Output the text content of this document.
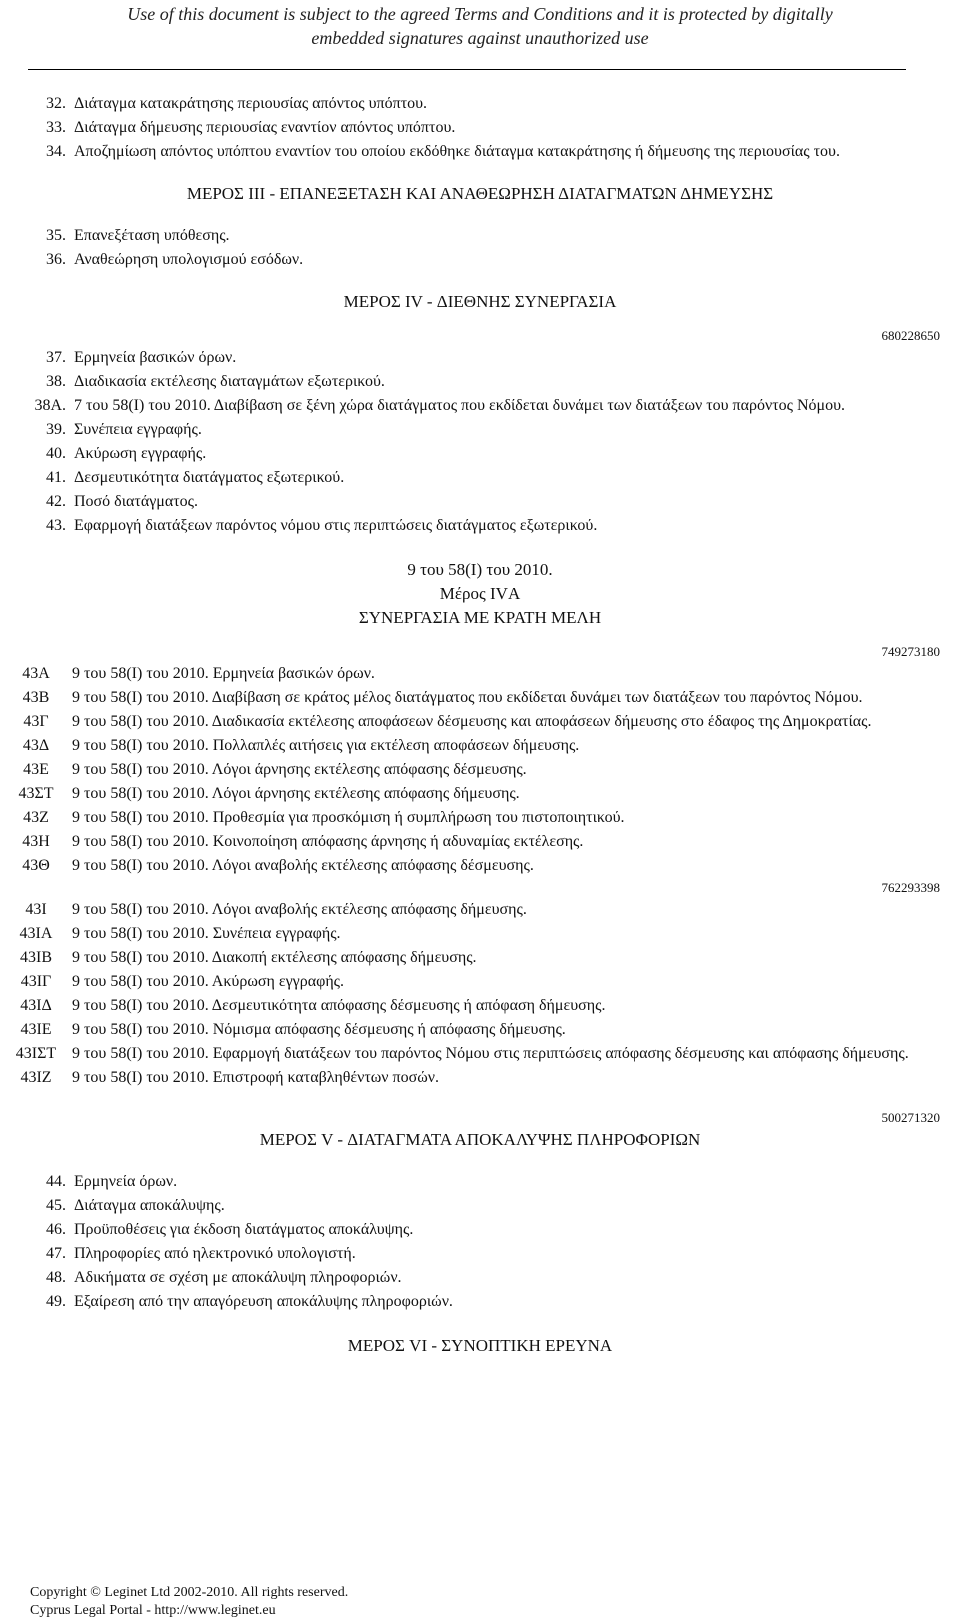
Use of this document is subject to the agreed Terms and Conditions and it is protected by digitally
embedded signatures against unauthorized use
32. Διάταγμα κατακράτησης περιουσίας απόντος υπόπτου.
33. Διάταγμα δήμευσης περιουσίας εναντίον απόντος υπόπτου.
34. Αποζημίωση απόντος υπόπτου εναντίον του οποίου εκδόθηκε διάταγμα κατακράτησης ή δήμευσης της περιουσίας του.
ΜΕΡΟΣ ΙΙΙ - ΕΠΑΝΕΞΕΤΑΣΗ ΚΑΙ ΑΝΑΘΕΩΡΗΣΗ ΔΙΑΤΑΓΜΑΤΩΝ ΔΗΜΕΥΣΗΣ
35. Επανεξέταση υπόθεσης.
36. Αναθεώρηση υπολογισμού εσόδων.
ΜΕΡΟΣ IV - ΔΙΕΘΝΗΣ ΣΥΝΕΡΓΑΣΙΑ
680228650
37. Ερμηνεία βασικών όρων.
38. Διαδικασία εκτέλεσης διαταγμάτων εξωτερικού.
38Α. 7 του 58(Ι) του 2010. Διαβίβαση σε ξένη χώρα διατάγματος που εκδίδεται δυνάμει των διατάξεων του παρόντος Νόμου.
39. Συνέπεια εγγραφής.
40. Ακύρωση εγγραφής.
41. Δεσμευτικότητα διατάγματος εξωτερικού.
42. Ποσό διατάγματος.
43. Εφαρμογή διατάξεων παρόντος νόμου στις περιπτώσεις διατάγματος εξωτερικού.
9 του 58(Ι) του 2010.
Μέρος IVΑ
ΣΥΝΕΡΓΑΣΙΑ ΜΕ ΚΡΑΤΗ ΜΕΛΗ
749273180
43Α	9 του 58(Ι) του 2010. Ερμηνεία βασικών όρων.
43Β	9 του 58(Ι) του 2010. Διαβίβαση σε κράτος μέλος διατάγματος που εκδίδεται δυνάμει των διατάξεων του παρόντος Νόμου.
43Γ	9 του 58(Ι) του 2010. Διαδικασία εκτέλεσης αποφάσεων δέσμευσης και αποφάσεων δήμευσης στο έδαφος της Δημοκρατίας.
43Δ	9 του 58(Ι) του 2010. Πολλαπλές αιτήσεις για εκτέλεση αποφάσεων δήμευσης.
43Ε	9 του 58(Ι) του 2010. Λόγοι άρνησης εκτέλεσης απόφασης δέσμευσης.
43ΣΤ	9 του 58(Ι) του 2010. Λόγοι άρνησης εκτέλεσης απόφασης δήμευσης.
43Ζ	9 του 58(Ι) του 2010. Προθεσμία για προσκόμιση ή συμπλήρωση του πιστοποιητικού.
43Η	9 του 58(Ι) του 2010. Κοινοποίηση απόφασης άρνησης ή αδυναμίας εκτέλεσης.
43Θ	9 του 58(Ι) του 2010. Λόγοι αναβολής εκτέλεσης απόφασης δέσμευσης.
762293398
43Ι	9 του 58(Ι) του 2010. Λόγοι αναβολής εκτέλεσης απόφασης δήμευσης.
43ΙΑ	9 του 58(Ι) του 2010. Συνέπεια εγγραφής.
43ΙΒ	9 του 58(Ι) του 2010. Διακοπή εκτέλεσης απόφασης δήμευσης.
43ΙΓ	9 του 58(Ι) του 2010. Ακύρωση εγγραφής.
43ΙΔ	9 του 58(Ι) του 2010. Δεσμευτικότητα απόφασης δέσμευσης ή απόφαση δήμευσης.
43ΙΕ	9 του 58(Ι) του 2010. Νόμισμα απόφασης δέσμευσης ή απόφασης δήμευσης.
43ΙΣΤ 9 του 58(Ι) του 2010. Εφαρμογή διατάξεων του παρόντος Νόμου στις περιπτώσεις απόφασης δέσμευσης και απόφασης δήμευσης.
43ΙΖ	9 του 58(Ι) του 2010. Επιστροφή καταβληθέντων ποσών.
500271320
ΜΕΡΟΣ V - ΔΙΑΤΑΓΜΑΤΑ ΑΠΟΚΑΛΥΨΗΣ ΠΛΗΡΟΦΟΡΙΩΝ
44. Ερμηνεία όρων.
45. Διάταγμα αποκάλυψης.
46. Προϋποθέσεις για έκδοση διατάγματος αποκάλυψης.
47. Πληροφορίες από ηλεκτρονικό υπολογιστή.
48. Αδικήματα σε σχέση με αποκάλυψη πληροφοριών.
49. Εξαίρεση από την απαγόρευση αποκάλυψης πληροφοριών.
ΜΕΡΟΣ VI - ΣΥΝΟΠΤΙΚΗ ΕΡΕΥΝΑ
Copyright © Leginet Ltd 2002-2010. All rights reserved.
Cyprus Legal Portal - http://www.leginet.eu
